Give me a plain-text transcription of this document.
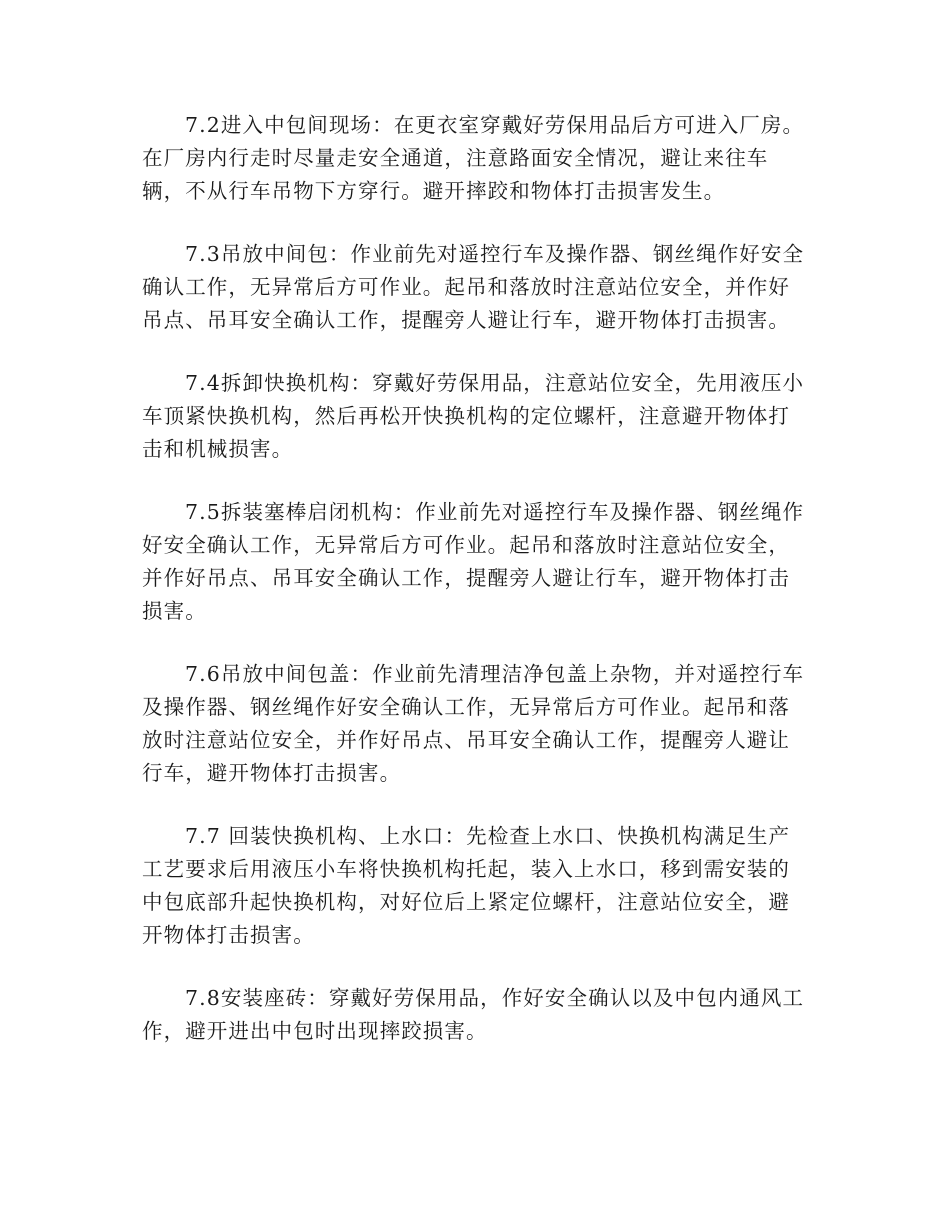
7.2进入中包间现场：在更衣室穿戴好劳保用品后方可进入厂房。
在厂房内行走时尽量走安全通道，注意路面安全情况，避让来往车
辆，不从行车吊物下方穿行。避开摔跤和物体打击损害发生。

7.3吊放中间包：作业前先对遥控行车及操作器、钢丝绳作好安全
确认工作，无异常后方可作业。起吊和落放时注意站位安全，并作好
吊点、吊耳安全确认工作，提醒旁人避让行车，避开物体打击损害。

7.4拆卸快换机构：穿戴好劳保用品，注意站位安全，先用液压小
车顶紧快换机构，然后再松开快换机构的定位螺杆，注意避开物体打
击和机械损害。

7.5拆装塞棒启闭机构：作业前先对遥控行车及操作器、钢丝绳作
好安全确认工作，无异常后方可作业。起吊和落放时注意站位安全，
并作好吊点、吊耳安全确认工作，提醒旁人避让行车，避开物体打击
损害。

7.6吊放中间包盖：作业前先清理洁净包盖上杂物，并对遥控行车
及操作器、钢丝绳作好安全确认工作，无异常后方可作业。起吊和落
放时注意站位安全，并作好吊点、吊耳安全确认工作，提醒旁人避让
行车，避开物体打击损害。

7.7 回装快换机构、上水口：先检查上水口、快换机构满足生产
工艺要求后用液压小车将快换机构托起，装入上水口，移到需安装的
中包底部升起快换机构，对好位后上紧定位螺杆，注意站位安全，避
开物体打击损害。

7.8安装座砖：穿戴好劳保用品，作好安全确认以及中包内通风工
作，避开进出中包时出现摔跤损害。
